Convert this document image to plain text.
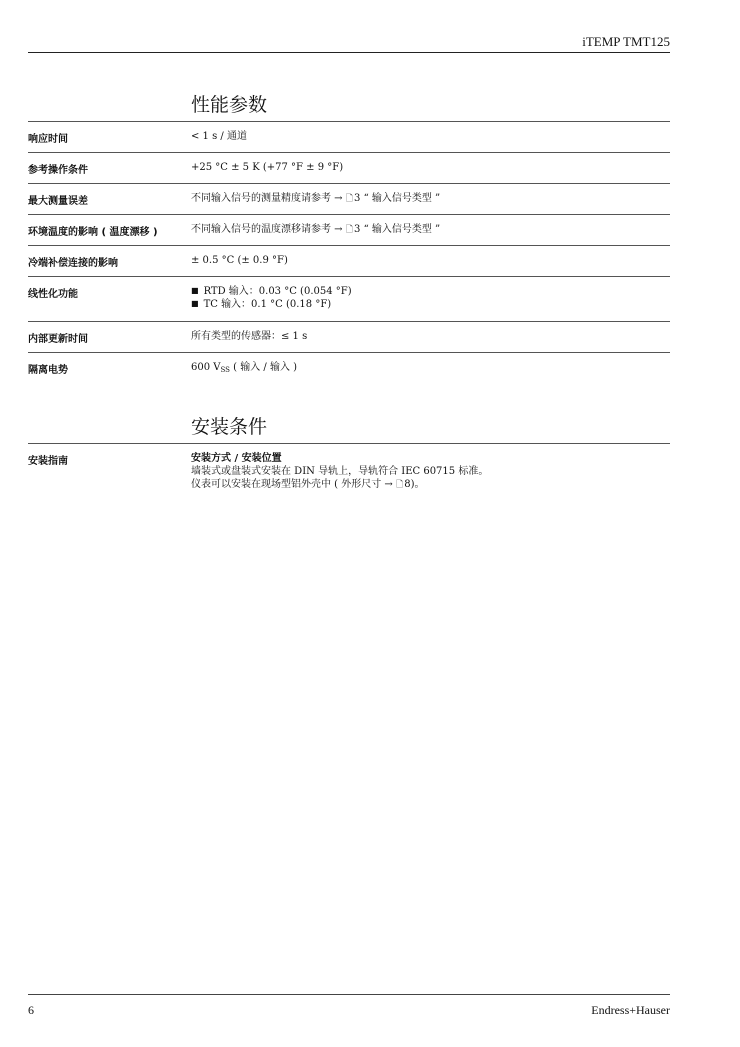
iTEMP TMT125
性能参数
响应时间	< 1 s / 通道
参考操作条件	+25 °C ± 5 K (+77 °F ± 9 °F)
最大测量误差	不同输入信号的测量精度请参考 → 🗋3 “ 输入信号类型 ”
环境温度的影响 ( 温度漂移 )	不同输入信号的温度漂移请参考 → 🗋3 “ 输入信号类型 ”
冷端补偿连接的影响	± 0.5 °C (± 0.9 °F)
线性化功能	■ RTD 输入：0.03 °C (0.054 °F)
■ TC 输入：0.1 °C (0.18 °F)
内部更新时间	所有类型的传感器：≤ 1 s
隔离电势	600 $V_{SS}$ ( 输入 / 输入 )
安装条件
安装指南	安装方式 / 安装位置
墙装式或盘装式安装在 DIN 导轨上，导轨符合 IEC 60715 标准。
仪表可以安装在现场型铝外壳中 ( 外形尺寸 → 🗋8)。
6	Endress+Hauser
